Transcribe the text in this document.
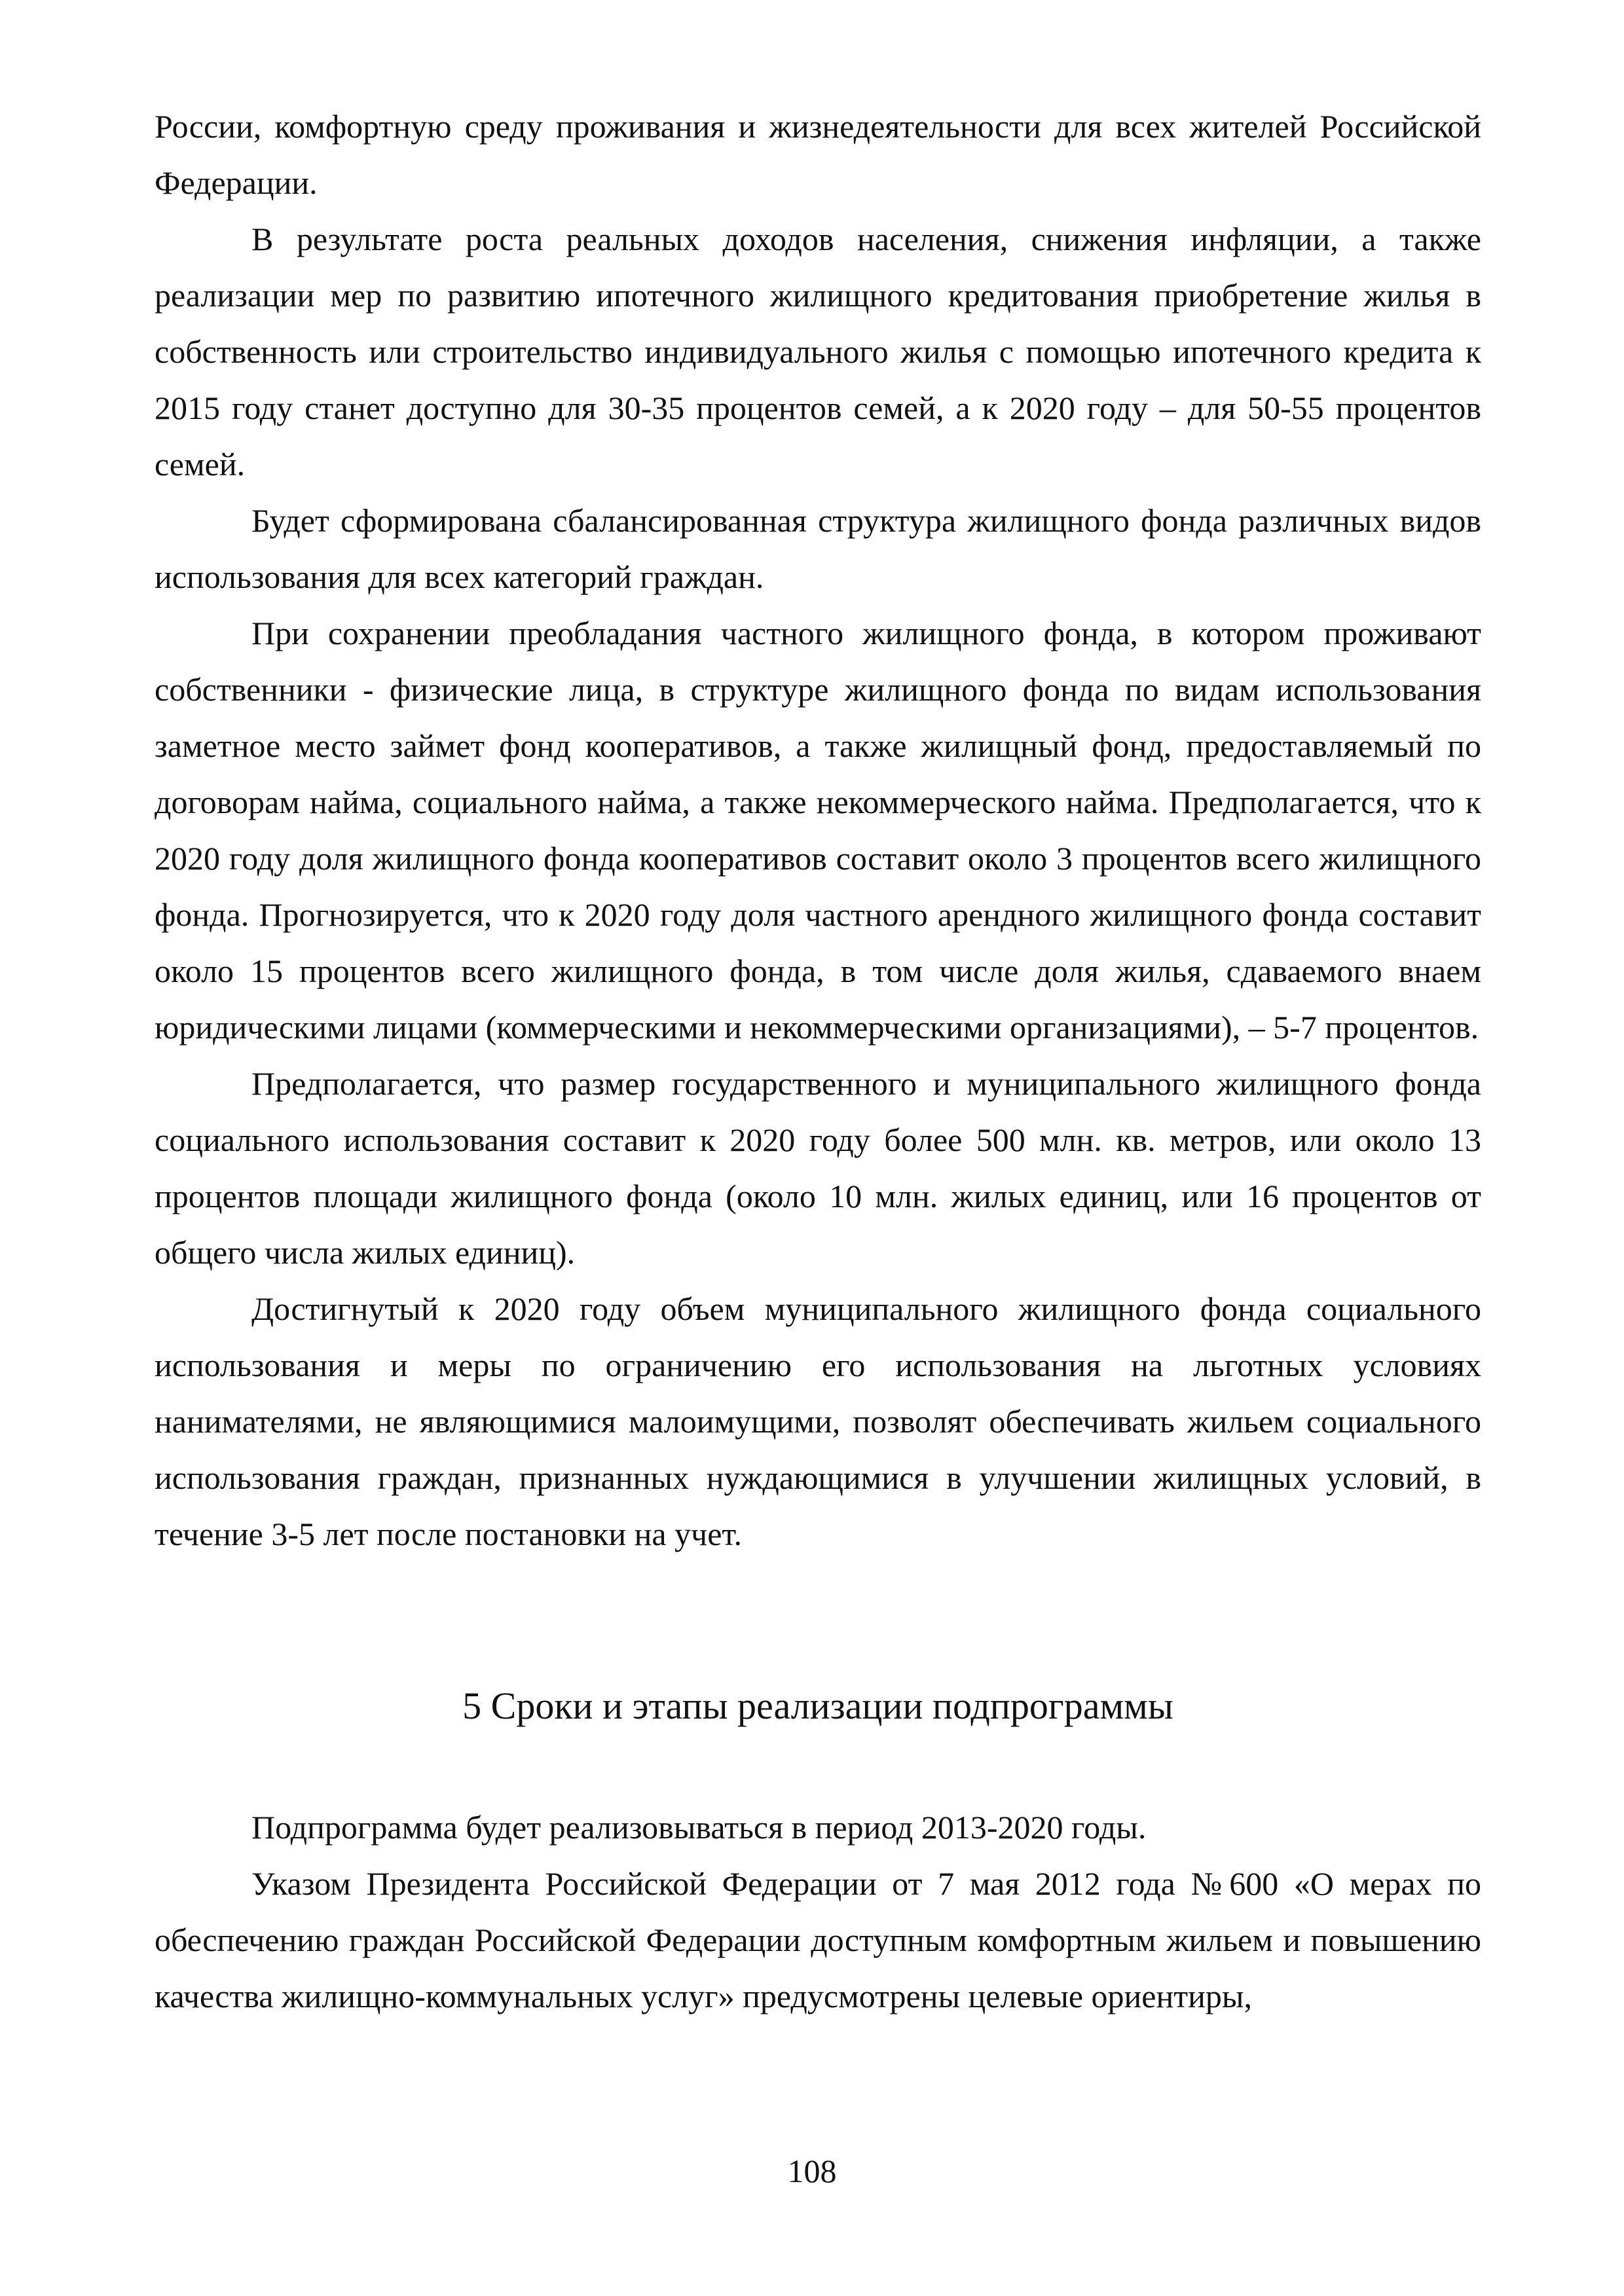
России, комфортную среду проживания и жизнедеятельности для всех жителей Российской Федерации.

В результате роста реальных доходов населения, снижения инфляции, а также реализации мер по развитию ипотечного жилищного кредитования приобретение жилья в собственность или строительство индивидуального жилья с помощью ипотечного кредита к 2015 году станет доступно для 30-35 процентов семей, а к 2020 году – для 50-55 процентов семей.

Будет сформирована сбалансированная структура жилищного фонда различных видов использования для всех категорий граждан.

При сохранении преобладания частного жилищного фонда, в котором проживают собственники - физические лица, в структуре жилищного фонда по видам использования заметное место займет фонд кооперативов, а также жилищный фонд, предоставляемый по договорам найма, социального найма, а также некоммерческого найма. Предполагается, что к 2020 году доля жилищного фонда кооперативов составит около 3 процентов всего жилищного фонда. Прогнозируется, что к 2020 году доля частного арендного жилищного фонда составит около 15 процентов всего жилищного фонда, в том числе доля жилья, сдаваемого внаем юридическими лицами (коммерческими и некоммерческими организациями), – 5-7 процентов.

Предполагается, что размер государственного и муниципального жилищного фонда социального использования составит к 2020 году более 500 млн. кв. метров, или около 13 процентов площади жилищного фонда (около 10 млн. жилых единиц, или 16 процентов от общего числа жилых единиц).

Достигнутый к 2020 году объем муниципального жилищного фонда социального использования и меры по ограничению его использования на льготных условиях нанимателями, не являющимися малоимущими, позволят обеспечивать жильем социального использования граждан, признанных нуждающимися в улучшении жилищных условий, в течение 3-5 лет после постановки на учет.

5 Сроки и этапы реализации подпрограммы

Подпрограмма будет реализовываться в период 2013-2020 годы.

Указом Президента Российской Федерации от 7 мая 2012 года №600 «О мерах по обеспечению граждан Российской Федерации доступным комфортным жильем и повышению качества жилищно-коммунальных услуг» предусмотрены целевые ориентиры,

108
